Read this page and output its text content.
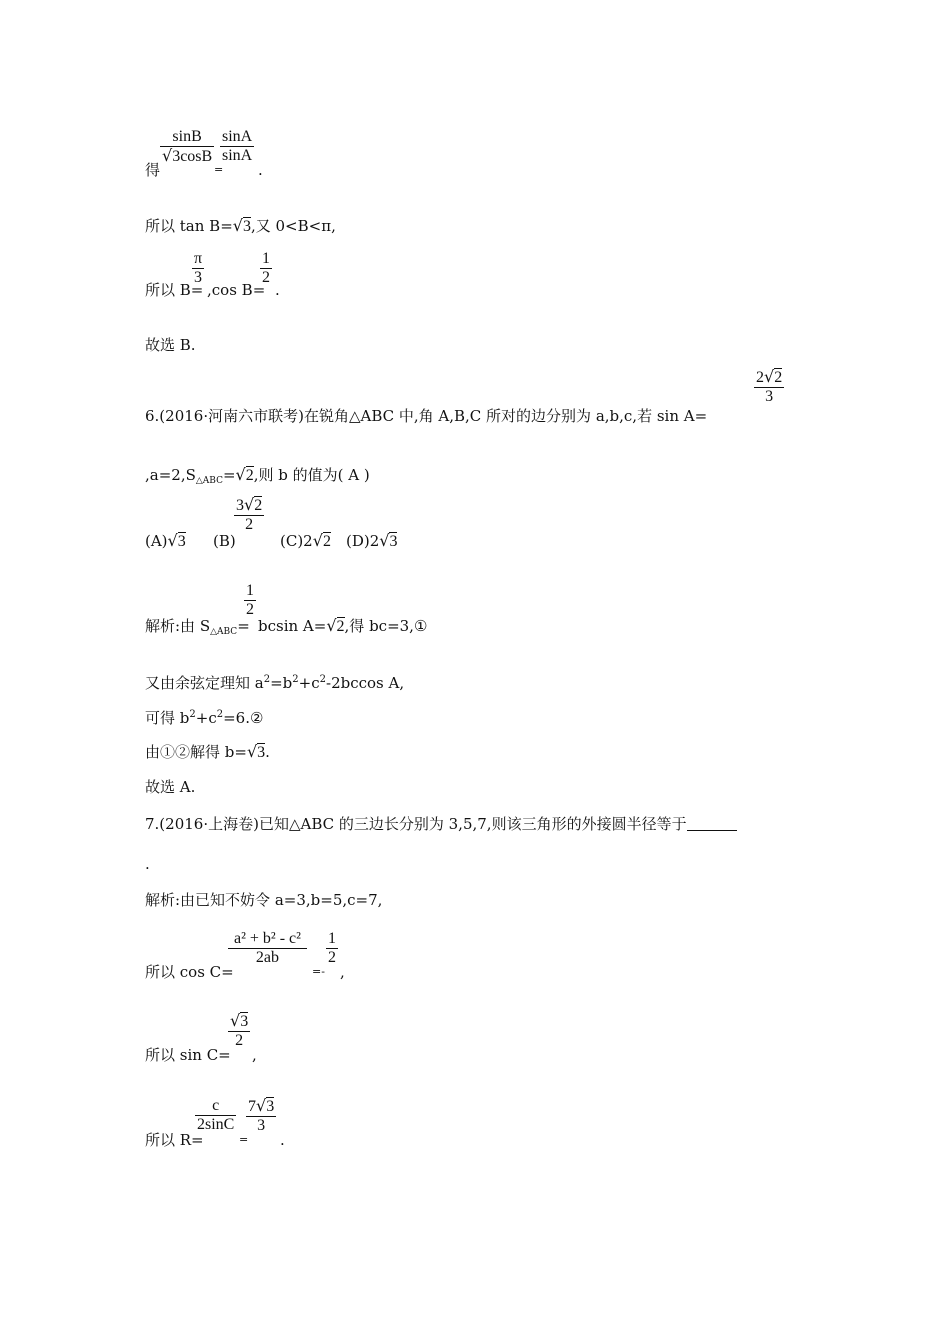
$\frac{\sin B}{√3\cos B} \frac{\sin A}{\sin A}$
得	= .
所以 tan B=√3,又 0<B<π,
$\frac{\pi}{3}$	$\frac{1}{2}$
所以 B= ,cos B= .
故选 B.
$\frac{2√2}{3}$
6.(2016·河南六市联考)在锐角△ABC 中,角 A,B,C 所对的边分别为 a,b,c,若 sin A=
$,a=2,S_{\triangle ABC}=√2$,则 b 的值为( A )
$\frac{3√2}{2}$
(A)√3 (B)	(C)2√2 (D)2√3
$\frac{1}{2}$
解析:由 $S_{\triangle ABC}= bcsin$ A=√2,得 bc=3,①
又由余弦定理知 $a^2=b^2+c^2-2bccos$ A,
可得 $b^2+c^2=6.②$
由①②解得 b=√3.
故选 A.
7.(2016·上海卷)已知△ABC 的三边长分别为 3,5,7,则该三角形的外接圆半径等于
.
解析:由已知不妨令 a=3,b=5,c=7,
$\frac{\text{a² + b² - c²}}{2ab} \frac{1}{2}$
所以 cos C=	=- ,
$\frac{√3}{2}$
所以 sin C= ,
$\frac{c}{2\sin C} \frac{7√3}{3}$
所以 R=	= .
